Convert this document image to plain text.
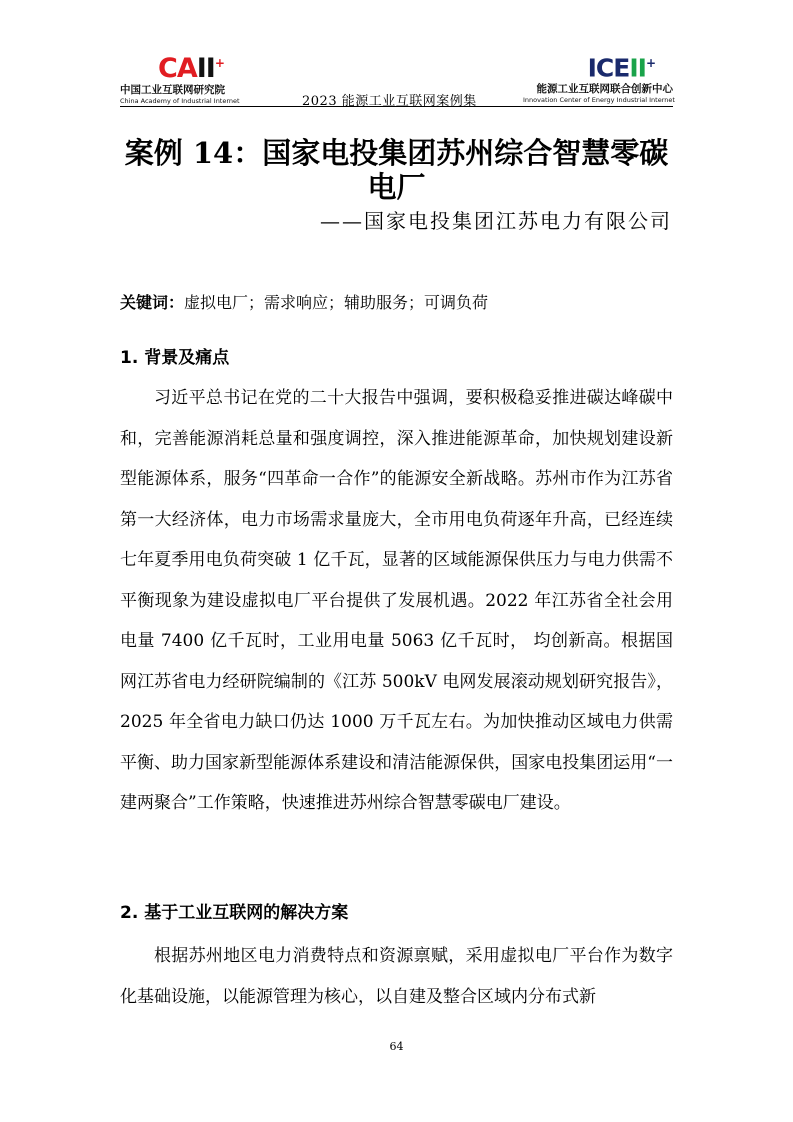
CAII+
中国工业互联网研究院
China Academy of Industrial Internet	2023 能源工业互联网案例集
ICEII+
能源工业互联网联合创新中心
Innovation Center of Energy Industrial Internet
案例 14：国家电投集团苏州综合智慧零碳电厂
——国家电投集团江苏电力有限公司
关键词：虚拟电厂；需求响应；辅助服务；可调负荷
1. 背景及痛点

习近平总书记在党的二十大报告中强调，要积极稳妥推进碳达峰碳中和，完善能源消耗总量和强度调控，深入推进能源革命，加快规划建设新型能源体系，服务“四革命一合作”的能源安全新战略。苏州市作为江苏省第一大经济体，电力市场需求量庞大，全市用电负荷逐年升高，已经连续七年夏季用电负荷突破 1 亿千瓦，显著的区域能源保供压力与电力供需不平衡现象为建设虚拟电厂平台提供了发展机遇。2022 年江苏省全社会用电量 7400 亿千瓦时，工业用电量 5063 亿千瓦时， 均创新高。根据国网江苏省电力经研院编制的《江苏 500kV 电网发展滚动规划研究报告》，2025 年全省电力缺口仍达 1000 万千瓦左右。为加快推动区域电力供需平衡、助力国家新型能源体系建设和清洁能源保供，国家电投集团运用“一建两聚合”工作策略，快速推进苏州综合智慧零碳电厂建设。

2. 基于工业互联网的解决方案

根据苏州地区电力消费特点和资源禀赋，采用虚拟电厂平台作为数字化基础设施，以能源管理为核心，以自建及整合区域内分布式新

64
